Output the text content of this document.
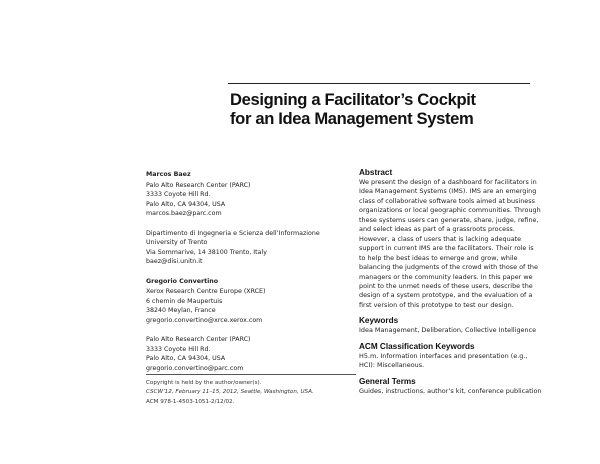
Designing a Facilitator’s Cockpit
for an Idea Management System
Marcos Baez
Palo Alto Research Center (PARC)
3333 Coyote Hill Rd.
Palo Alto, CA 94304, USA
marcos.baez@parc.com
Dipartimento di Ingegneria e Scienza dell’Informazione
University of Trento
Via Sommarive, 14 38100 Trento, Italy
baez@disi.unitn.it
Gregorio Convertino
Xerox Research Centre Europe (XRCE)
6 chemin de Maupertuis
38240 Meylan, France
gregorio.convertino@xrce.xerox.com
Palo Alto Research Center (PARC)
3333 Coyote Hill Rd.
Palo Alto, CA 94304, USA
gregorio.convertino@parc.com
Copyright is held by the author/owner(s).
CSCW’12, February 11–15, 2012, Seattle, Washington, USA.
ACM 978-1-4503-1051-2/12/02.
Abstract
We present the design of a dashboard for facilitators in
Idea Management Systems (IMS). IMS are an emerging
class of collaborative software tools aimed at business
organizations or local geographic communities. Through
these systems users can generate, share, judge, refine,
and select ideas as part of a grassroots process.
However, a class of users that is lacking adequate
support in current IMS are the facilitators. Their role is
to help the best ideas to emerge and grow, while
balancing the judgments of the crowd with those of the
managers or the community leaders. In this paper we
point to the unmet needs of these users, describe the
design of a system prototype, and the evaluation of a
first version of this prototype to test our design.
Keywords
Idea Management, Deliberation, Collective Intelligence
ACM Classification Keywords
H5.m. Information interfaces and presentation (e.g.,
HCI): Miscellaneous.
General Terms
Guides, instructions, author’s kit, conference publication
